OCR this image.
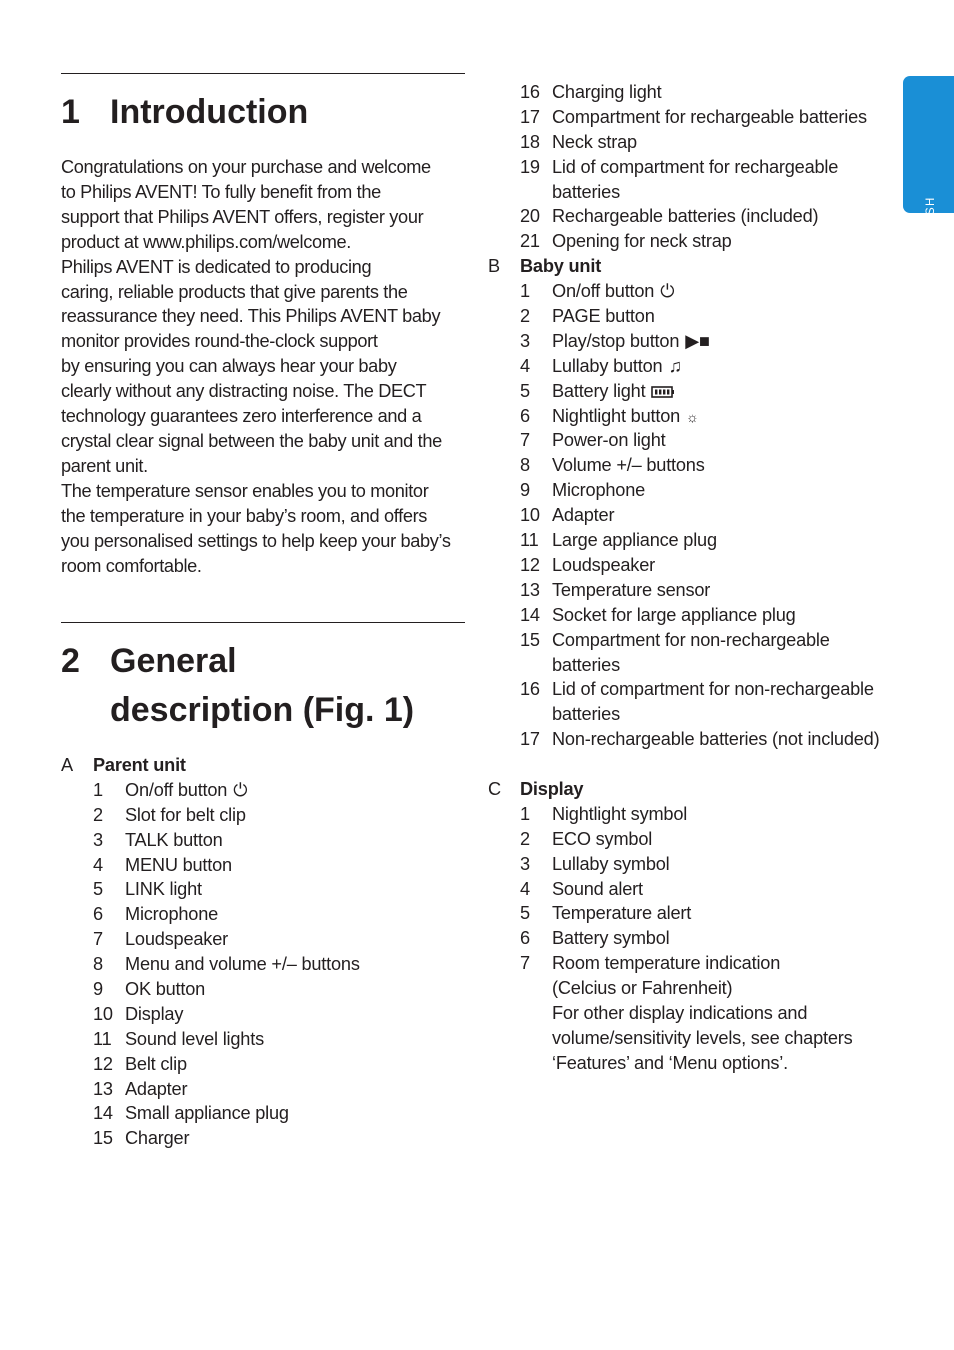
ENGLISH
1 Introduction
Congratulations on your purchase and welcome
to Philips AVENT! To fully benefit from the
support that Philips AVENT offers, register your
product at www.philips.com/welcome.
Philips AVENT is dedicated to producing
caring, reliable products that give parents the
reassurance they need. This Philips AVENT baby
monitor provides round-the-clock support
by ensuring you can always hear your baby
clearly without any distracting noise. The DECT
technology guarantees zero interference and a
crystal clear signal between the baby unit and the
parent unit.
The temperature sensor enables you to monitor
the temperature in your baby’s room, and offers
you personalised settings to help keep your baby’s
room comfortable.
2 General
description (Fig. 1)
A Parent unit
1 On/off button ⏻
2 Slot for belt clip
3 TALK button
4 MENU button
5 LINK light
6 Microphone
7 Loudspeaker
8 Menu and volume +/– buttons
9 OK button
10 Display
11 Sound level lights
12 Belt clip
13 Adapter
14 Small appliance plug
15 Charger
16 Charging light
17 Compartment for rechargeable batteries
18 Neck strap
19 Lid of compartment for rechargeable
batteries
20 Rechargeable batteries (included)
21 Opening for neck strap
B Baby unit
1 On/off button ⏻
2 PAGE button
3 Play/stop button ▶■
4 Lullaby button ♫
5 Battery light
6 Nightlight button ☼
7 Power-on light
8 Volume +/– buttons
9 Microphone
10 Adapter
11 Large appliance plug
12 Loudspeaker
13 Temperature sensor
14 Socket for large appliance plug
15 Compartment for non-rechargeable
batteries
16 Lid of compartment for non-rechargeable
batteries
17 Non-rechargeable batteries (not included)
C Display
1 Nightlight symbol
2 ECO symbol
3 Lullaby symbol
4 Sound alert
5 Temperature alert
6 Battery symbol
7 Room temperature indication
(Celcius or Fahrenheit)
For other display indications and
volume/sensitivity levels, see chapters
‘Features’ and ‘Menu options’.
